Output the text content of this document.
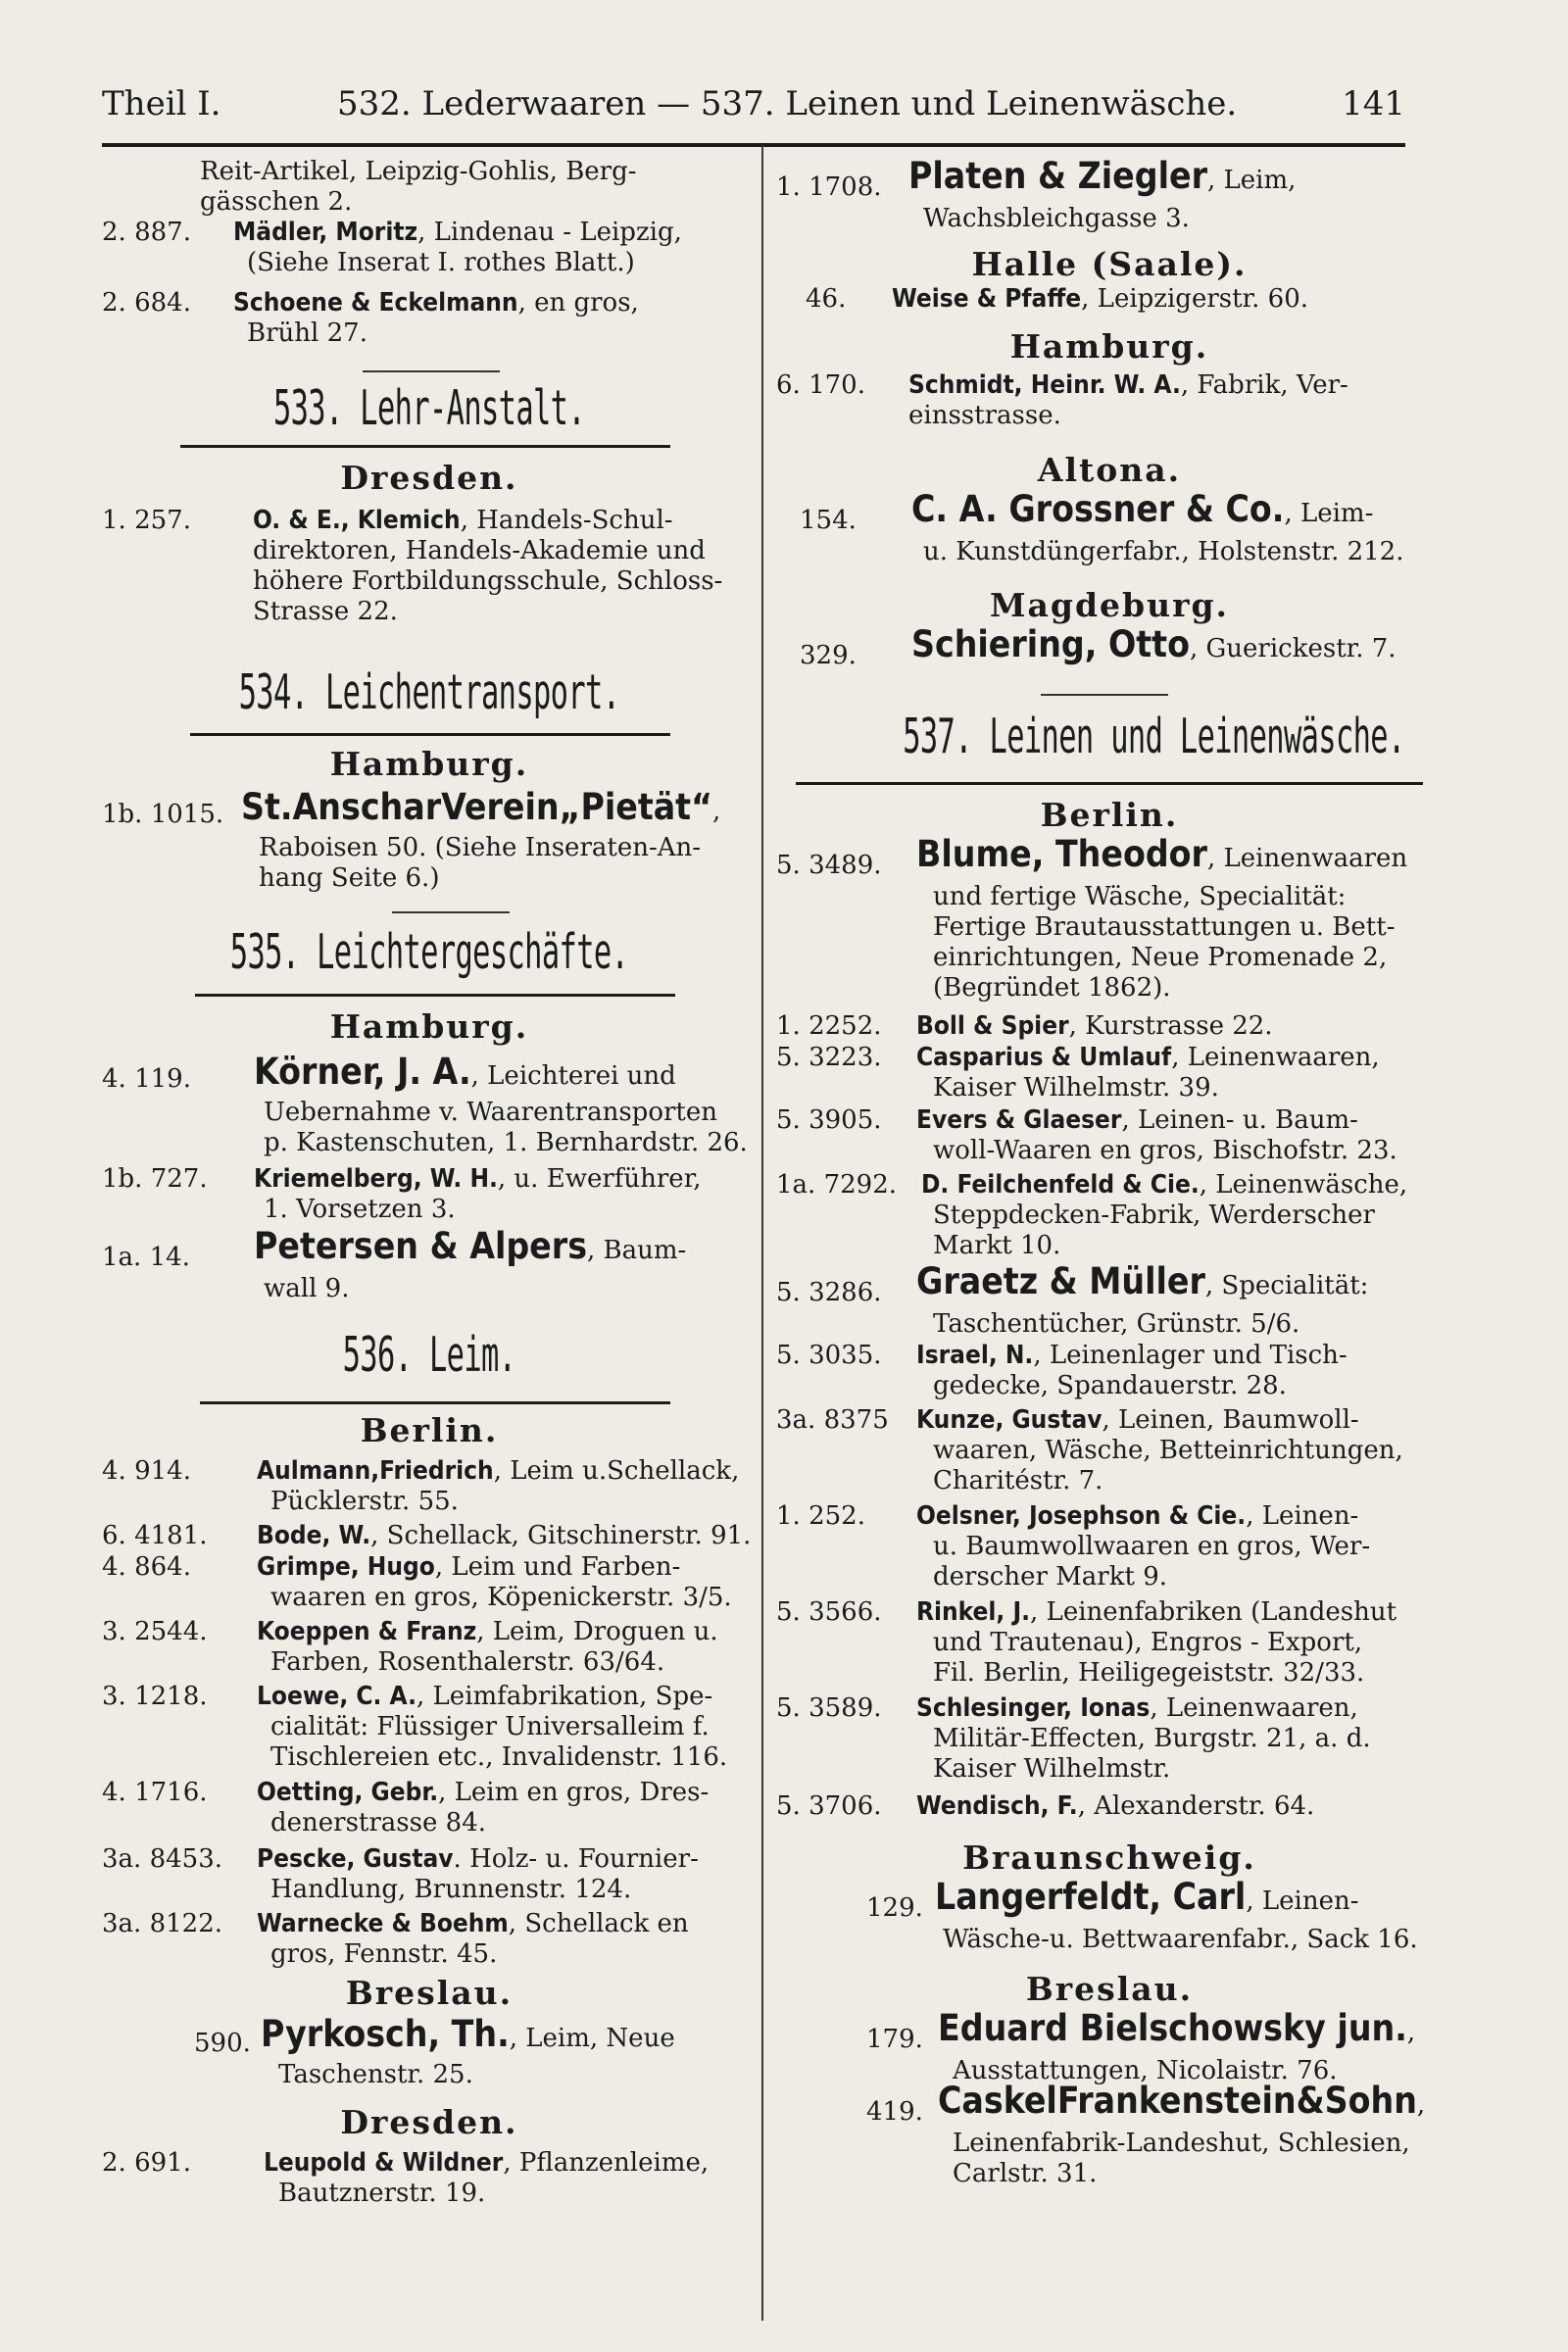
Theil I.	532. Lederwaaren — 537. Leinen und Leinenwäsche.	141
Reit-Artikel, Leipzig-Gohlis, Berg-
gässchen 2.
2. 887. Mädler, Moritz, Lindenau - Leipzig,
(Siehe Inserat I. rothes Blatt.)
2. 684. Schoene & Eckelmann, en gros,
Brühl 27.
533. Lehr-Anstalt.
Dresden.
1. 257. O. & E., Klemich, Handels-Schul-
direktoren, Handels-Akademie und
höhere Fortbildungsschule, Schloss-
Strasse 22.
534. Leichentransport.
Hamburg.
1b. 1015. St.AnscharVerein„Pietät“,
Raboisen 50. (Siehe Inseraten-An-
hang Seite 6.)
535. Leichtergeschäfte.
Hamburg.
4. 119. Körner, J. A., Leichterei und
Uebernahme v. Waarentransporten
p. Kastenschuten, 1. Bernhardstr. 26.
1b. 727. Kriemelberg, W. H., u. Ewerführer,
1. Vorsetzen 3.
1a. 14. Petersen & Alpers, Baum-
wall 9.
536. Leim.
Berlin.
4. 914.	Aulmann,Friedrich, Leim u.Schellack,
Pücklerstr. 55.
6. 4181. Bode, W., Schellack, Gitschinerstr. 91.
4. 864.	Grimpe, Hugo, Leim und Farben-
waaren en gros, Köpenickerstr. 3/5.
3. 2544. Koeppen & Franz, Leim, Droguen u.
Farben, Rosenthalerstr. 63/64.
3. 1218. Loewe, C. A., Leimfabrikation, Spe-
cialität: Flüssiger Universalleim f.
Tischlereien etc., Invalidenstr. 116.
4. 1716. Oetting, Gebr., Leim en gros, Dres-
denerstrasse 84.
3a. 8453. Pescke, Gustav. Holz- u. Fournier-
Handlung, Brunnenstr. 124.
3a. 8122. Warnecke & Boehm, Schellack en
gros, Fennstr. 45.
Breslau.
590. Pyrkosch, Th., Leim, Neue
Taschenstr. 25.
Dresden.
2. 691.	Leupold & Wildner, Pflanzenleime,
Bautznerstr. 19.
1. 1708. Platen & Ziegler, Leim,
Wachsbleichgasse 3.
Halle (Saale).
46. Weise & Pfaffe, Leipzigerstr. 60.
Hamburg.
6. 170. Schmidt, Heinr. W. A., Fabrik, Ver-
einsstrasse.
Altona.
154. C. A. Grossner & Co., Leim-
u. Kunstdüngerfabr., Holstenstr. 212.
Magdeburg.
329. Schiering, Otto, Guerickestr. 7.
537. Leinen und Leinenwäsche.
Berlin.
5. 3489. Blume, Theodor, Leinenwaaren
und fertige Wäsche, Specialität:
Fertige Brautausstattungen u. Bett-
einrichtungen, Neue Promenade 2,
(Begründet 1862).
1. 2252. Boll & Spier, Kurstrasse 22.
5. 3223. Casparius & Umlauf, Leinenwaaren,
Kaiser Wilhelmstr. 39.
5. 3905. Evers & Glaeser, Leinen- u. Baum-
woll-Waaren en gros, Bischofstr. 23.
1a. 7292. D. Feilchenfeld & Cie., Leinenwäsche,
Steppdecken-Fabrik, Werderscher
Markt 10.
5. 3286. Graetz & Müller, Specialität:
Taschentücher, Grünstr. 5/6.
5. 3035. Israel, N., Leinenlager und Tisch-
gedecke, Spandauerstr. 28.
3a. 8375 Kunze, Gustav, Leinen, Baumwoll-
waaren, Wäsche, Betteinrichtungen,
Charitéstr. 7.
1. 252. Oelsner, Josephson & Cie., Leinen-
u. Baumwollwaaren en gros, Wer-
derscher Markt 9.
5. 3566. Rinkel, J., Leinenfabriken (Landeshut
und Trautenau), Engros - Export,
Fil. Berlin, Heiligegeiststr. 32/33.
5. 3589. Schlesinger, Ionas, Leinenwaaren,
Militär-Effecten, Burgstr. 21, a. d.
Kaiser Wilhelmstr.
5. 3706. Wendisch, F., Alexanderstr. 64.
Braunschweig.
129. Langerfeldt, Carl, Leinen-
Wäsche-u. Bettwaarenfabr., Sack 16.
Breslau.
179. Eduard Bielschowsky jun.,
Ausstattungen, Nicolaistr. 76.
419. CaskelFrankenstein&Sohn,
Leinenfabrik-Landeshut, Schlesien,
Carlstr. 31.
